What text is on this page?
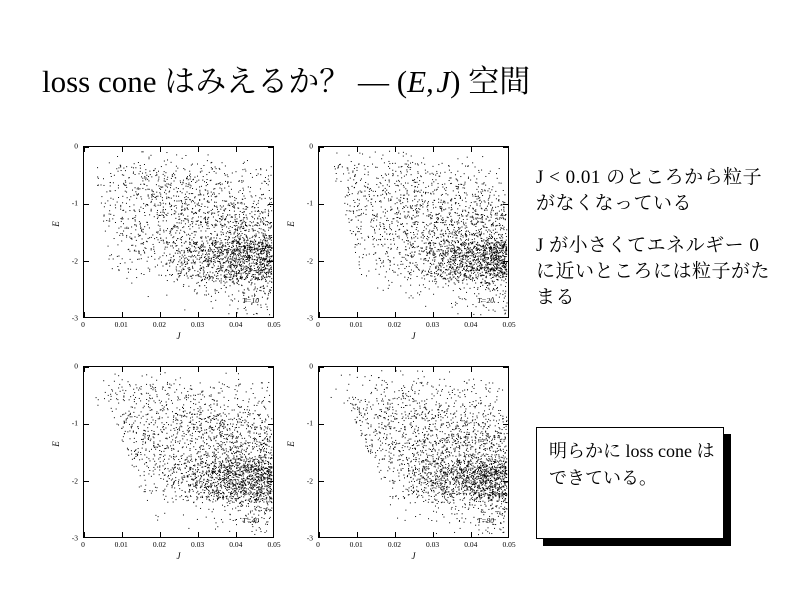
loss cone はみえるか？ — (E, J) 空間
E
0
-1
-2
-3
T=10
0	0.01	0.02	0.03	0.04	0.05
J
E
0
-1
-2
-3
T=20
0	0.01	0.02	0.03	0.04	0.05
J
E
0
-1
-2
-3
T=40
0	0.01	0.02	0.03	0.04	0.05
J
E
0
-1
-2
-3
T=80
0	0.01	0.02	0.03	0.04	0.05
J
J < 0.01 のところから粒子がなくなっている
J が小さくてエネルギー 0 に近いところには粒子がたまる
明らかに loss cone はできている。
